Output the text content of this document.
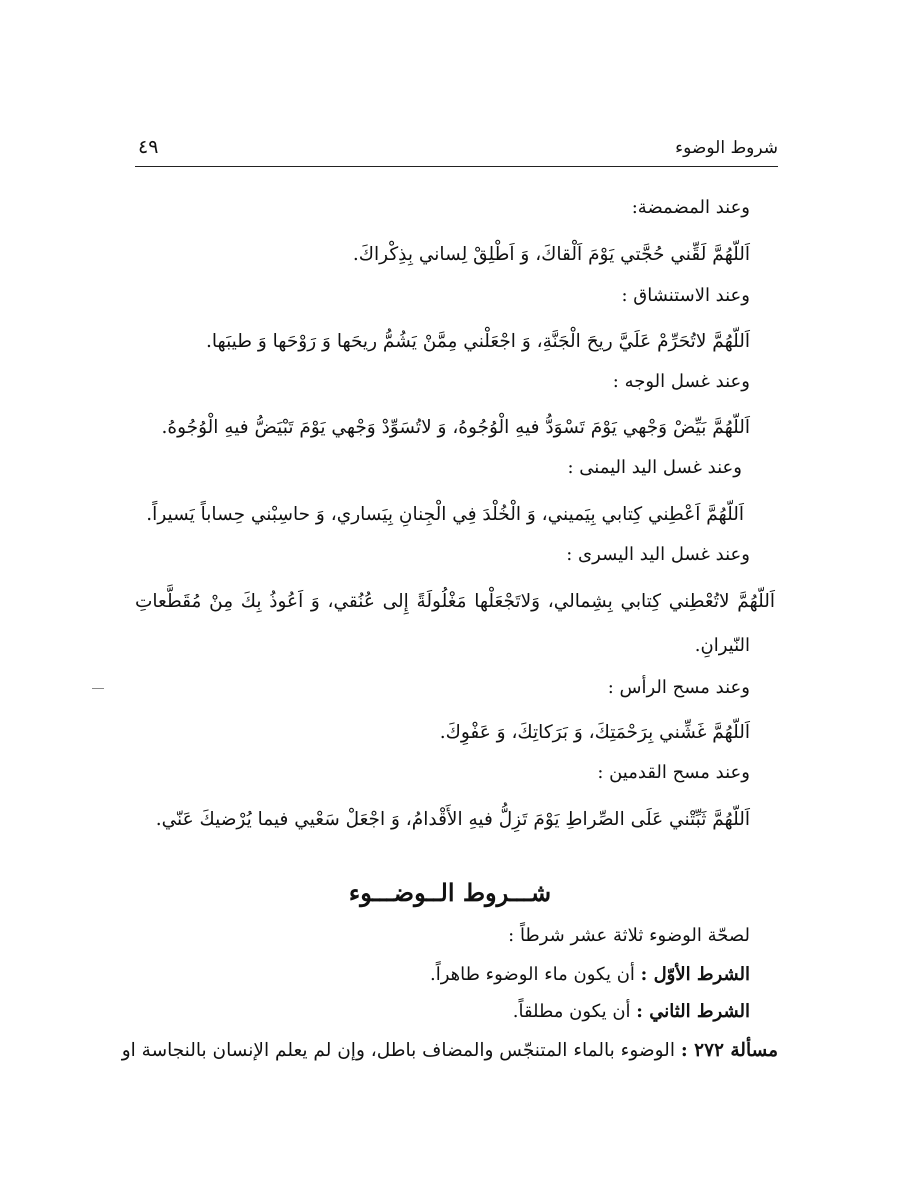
شروط الوضوء
٤٩
وعند المضمضة:
اَللّهُمَّ لَقِّني حُجَّتي يَوْمَ اَلْقاكَ، وَ اَطْلِقْ لِساني بِذِكْراكَ.
وعند الاستنشاق :
اَللّهُمَّ لاتُحَرِّمْ عَلَيَّ ريحَ الْجَنَّةِ، وَ اجْعَلْني مِمَّنْ يَشُمُّ ريحَها وَ رَوْحَها وَ طيبَها.
وعند غسل الوجه :
اَللّهُمَّ بَيِّضْ وَجْهي يَوْمَ تَسْوَدُّ فيهِ الْوُجُوهُ، وَ لاتُسَوِّدْ وَجْهي يَوْمَ تَبْيَضُّ فيهِ الْوُجُوهُ.
وعند غسل اليد اليمنى :
اَللّهُمَّ اَعْطِني كِتابي بِيَميني، وَ الْخُلْدَ فِي الْجِنانِ بِيَساري، وَ حاسِبْني حِساباً يَسيراً.
وعند غسل اليد اليسرى :
اَللّهُمَّ لاتُعْطِني كِتابي بِشِمالي، وَلاتَجْعَلْها مَغْلُولَةً إِلى عُنُقي، وَ اَعُوذُ بِكَ مِنْ مُقَطَّعاتِ
النّيرانِ.
وعند مسح الرأس :
اَللّهُمَّ غَشِّني بِرَحْمَتِكَ، وَ بَرَكاتِكَ، وَ عَفْوِكَ.
وعند مسح القدمين :
اَللّهُمَّ ثَبِّتْني عَلَى الصِّراطِ يَوْمَ تَزِلُّ فيهِ الأَقْدامُ، وَ اجْعَلْ سَعْيي فيما يُرْضيكَ عَنّي.
شـــروط الــوضـــوء
لصحّة الوضوء ثلاثة عشر شرطاً :
الشرط الأوّل : أن يكون ماء الوضوء طاهراً.
الشرط الثاني : أن يكون مطلقاً.
مسألة ٢٧٢ : الوضوء بالماء المتنجّس والمضاف باطل، وإن لم يعلم الإنسان بالنجاسة او
